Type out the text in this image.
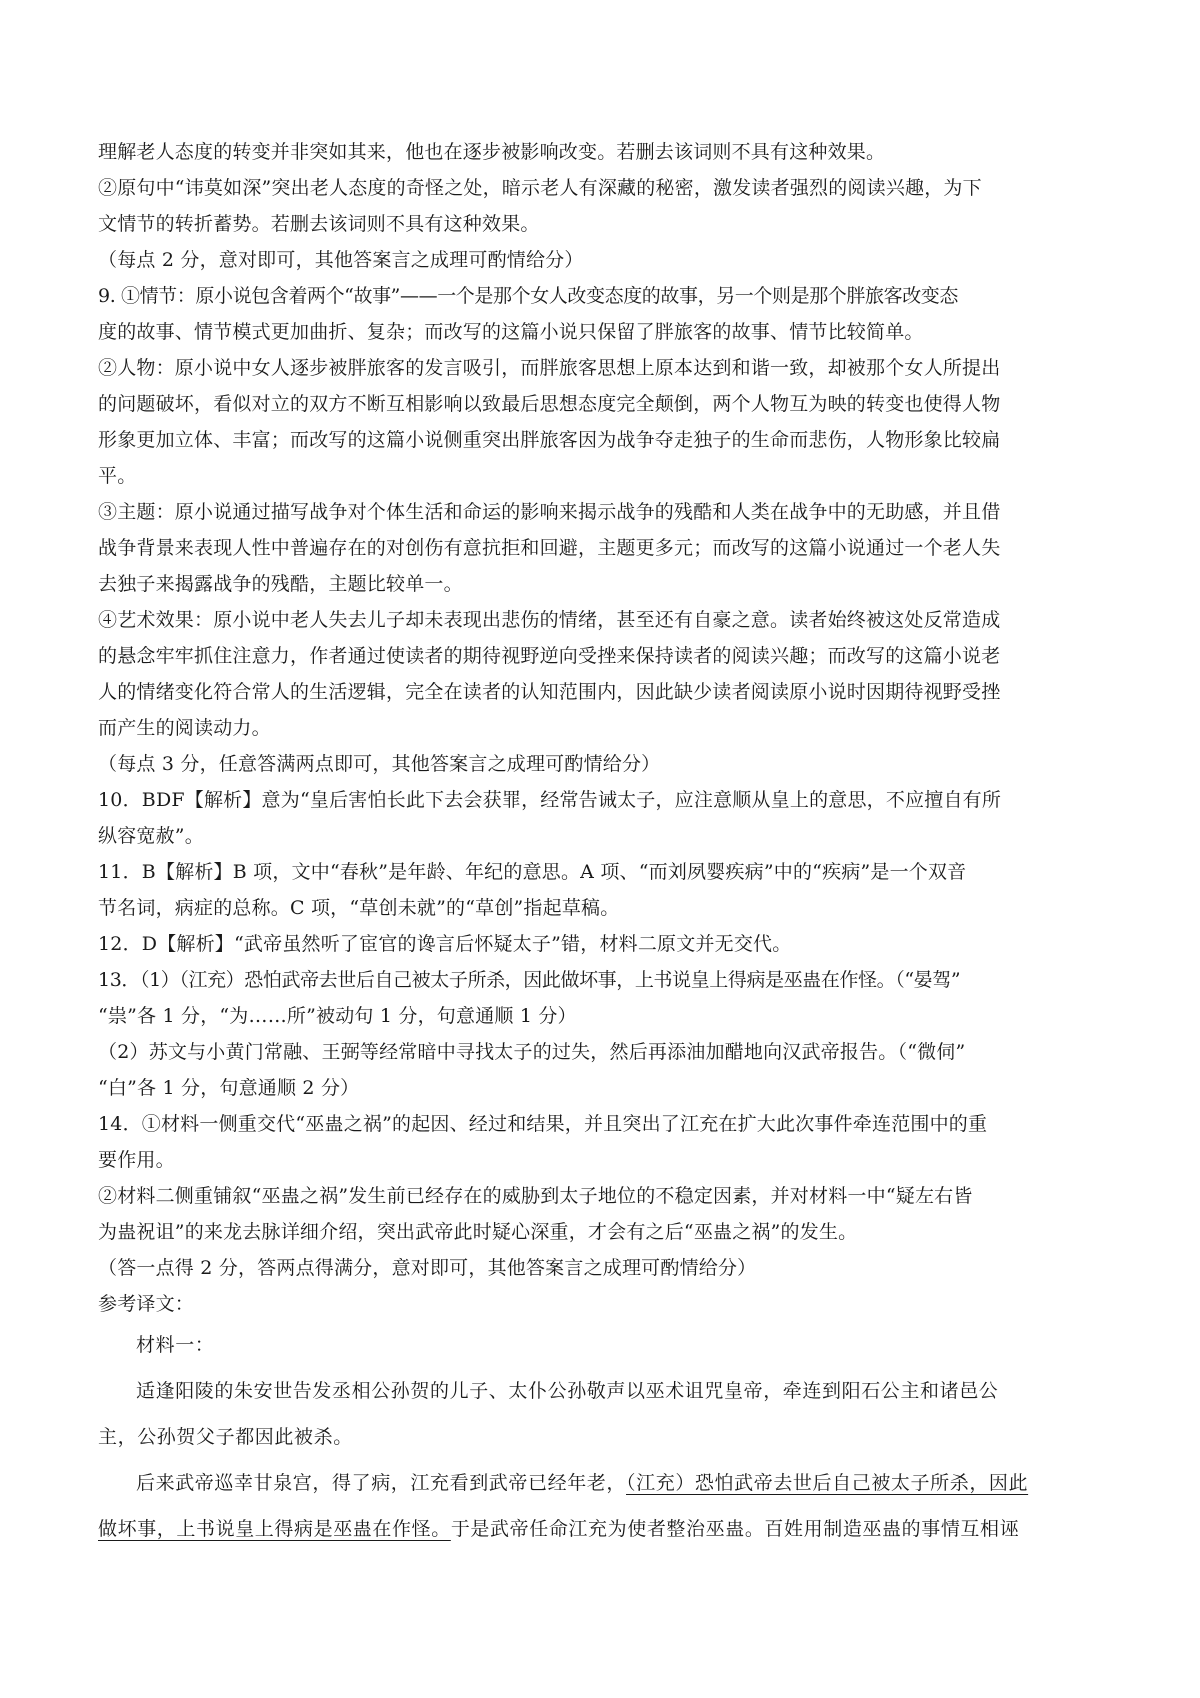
理解老人态度的转变并非突如其来，他也在逐步被影响改变。若删去该词则不具有这种效果。
②原句中“讳莫如深”突出老人态度的奇怪之处，暗示老人有深藏的秘密，激发读者强烈的阅读兴趣，为下
文情节的转折蓄势。若删去该词则不具有这种效果。
（每点 2 分，意对即可，其他答案言之成理可酌情给分）
9. ①情节：原小说包含着两个“故事”——一个是那个女人改变态度的故事，另一个则是那个胖旅客改变态
度的故事、情节模式更加曲折、复杂；而改写的这篇小说只保留了胖旅客的故事、情节比较简单。
②人物：原小说中女人逐步被胖旅客的发言吸引，而胖旅客思想上原本达到和谐一致，却被那个女人所提出
的问题破坏，看似对立的双方不断互相影响以致最后思想态度完全颠倒，两个人物互为映的转变也使得人物
形象更加立体、丰富；而改写的这篇小说侧重突出胖旅客因为战争夺走独子的生命而悲伤，人物形象比较扁
平。
③主题：原小说通过描写战争对个体生活和命运的影响来揭示战争的残酷和人类在战争中的无助感，并且借
战争背景来表现人性中普遍存在的对创伤有意抗拒和回避，主题更多元；而改写的这篇小说通过一个老人失
去独子来揭露战争的残酷，主题比较单一。
④艺术效果：原小说中老人失去儿子却未表现出悲伤的情绪，甚至还有自豪之意。读者始终被这处反常造成
的悬念牢牢抓住注意力，作者通过使读者的期待视野逆向受挫来保持读者的阅读兴趣；而改写的这篇小说老
人的情绪变化符合常人的生活逻辑，完全在读者的认知范围内，因此缺少读者阅读原小说时因期待视野受挫
而产生的阅读动力。
（每点 3 分，任意答满两点即可，其他答案言之成理可酌情给分）
10．BDF【解析】意为“皇后害怕长此下去会获罪，经常告诫太子，应注意顺从皇上的意思，不应擅自有所
纵容宽赦”。
11．B【解析】B 项，文中“春秋”是年龄、年纪的意思。A 项、“而刘夙婴疾病”中的“疾病”是一个双音
节名词，病症的总称。C 项，“草创未就”的“草创”指起草稿。
12．D【解析】“武帝虽然听了宦官的谗言后怀疑太子”错，材料二原文并无交代。
13．（1）（江充）恐怕武帝去世后自己被太子所杀，因此做坏事，上书说皇上得病是巫蛊在作怪。（“晏驾”
“祟”各 1 分，“为……所”被动句 1 分，句意通顺 1 分）
（2）苏文与小黄门常融、王弼等经常暗中寻找太子的过失，然后再添油加醋地向汉武帝报告。（“微伺”
“白”各 1 分，句意通顺 2 分）
14．①材料一侧重交代“巫蛊之祸”的起因、经过和结果，并且突出了江充在扩大此次事件牵连范围中的重
要作用。
②材料二侧重铺叙“巫蛊之祸”发生前已经存在的威胁到太子地位的不稳定因素，并对材料一中“疑左右皆
为蛊祝诅”的来龙去脉详细介绍，突出武帝此时疑心深重，才会有之后“巫蛊之祸”的发生。
（答一点得 2 分，答两点得满分，意对即可，其他答案言之成理可酌情给分）
参考译文：
材料一：
适逢阳陵的朱安世告发丞相公孙贺的儿子、太仆公孙敬声以巫术诅咒皇帝，牵连到阳石公主和诸邑公
主，公孙贺父子都因此被杀。
后来武帝巡幸甘泉宫，得了病，江充看到武帝已经年老，（江充）恐怕武帝去世后自己被太子所杀，因此
做坏事，上书说皇上得病是巫蛊在作怪。于是武帝任命江充为使者整治巫蛊。百姓用制造巫蛊的事情互相诬
